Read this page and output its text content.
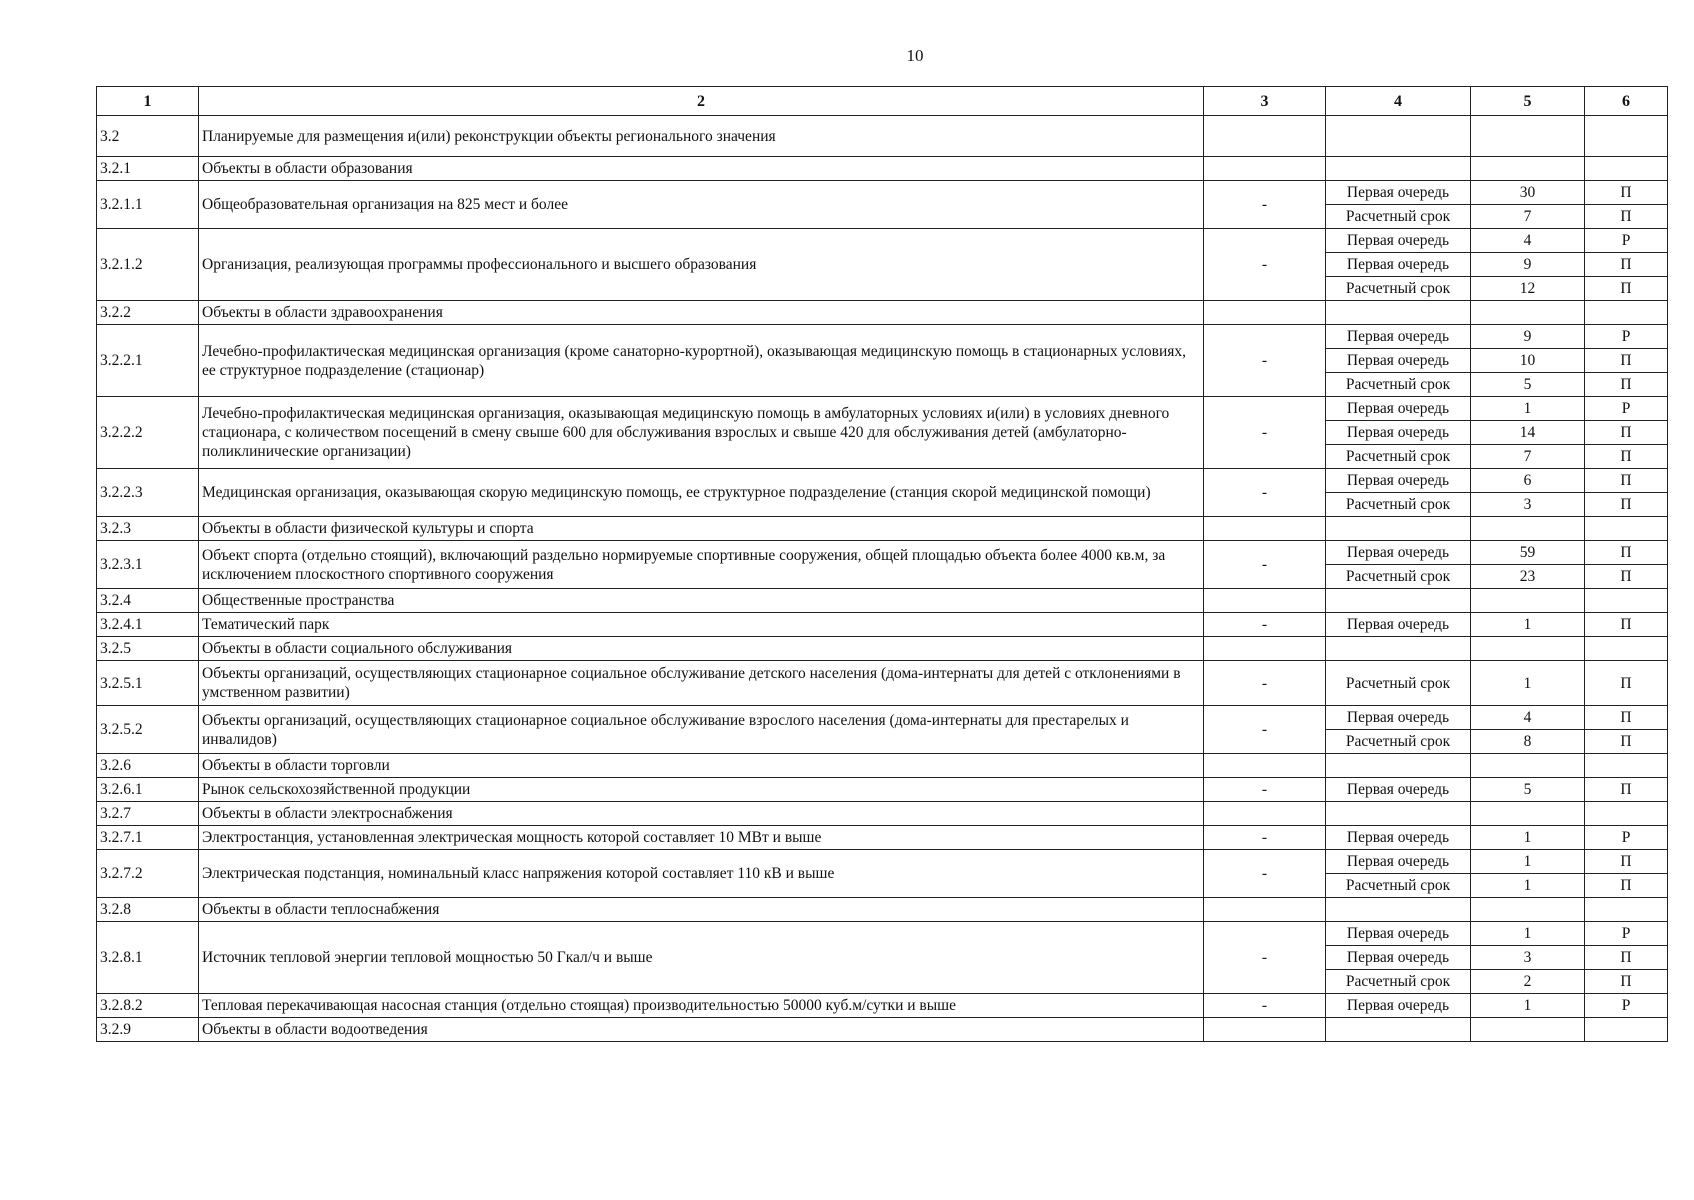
10
1	2	3	4	5	6
3.2	Планируемые для размещения и(или) реконструкции объекты регионального значения				
3.2.1	Объекты в области образования				
3.2.1.1	Общеобразовательная организация на 825 мест и более	-	Первая очередь	30	П
			Расчетный срок	7	П
3.2.1.2	Организация, реализующая программы профессионального и высшего образования	-	Первая очередь	4	Р
			Первая очередь	9	П
			Расчетный срок	12	П
3.2.2	Объекты в области здравоохранения				
3.2.2.1	Лечебно-профилактическая медицинская организация (кроме санаторно-курортной), оказывающая медицинскую помощь в стационарных условиях, ее структурное подразделение (стационар)	-	Первая очередь	9	Р
			Первая очередь	10	П
			Расчетный срок	5	П
3.2.2.2	Лечебно-профилактическая медицинская организация, оказывающая медицинскую помощь в амбулаторных условиях и(или) в условиях дневного стационара, с количеством посещений в смену свыше 600 для обслуживания взрослых и свыше 420 для обслуживания детей (амбулаторно-поликлинические организации)	-	Первая очередь	1	Р
			Первая очередь	14	П
			Расчетный срок	7	П
3.2.2.3	Медицинская организация, оказывающая скорую медицинскую помощь, ее структурное подразделение (станция скорой медицинской помощи)	-	Первая очередь	6	П
			Расчетный срок	3	П
3.2.3	Объекты в области физической культуры и спорта				
3.2.3.1	Объект спорта (отдельно стоящий), включающий раздельно нормируемые спортивные сооружения, общей площадью объекта более 4000 кв.м, за исключением плоскостного спортивного сооружения	-	Первая очередь	59	П
			Расчетный срок	23	П
3.2.4	Общественные пространства				
3.2.4.1	Тематический парк	-	Первая очередь	1	П
3.2.5	Объекты в области социального обслуживания				
3.2.5.1	Объекты организаций, осуществляющих стационарное социальное обслуживание детского населения (дома-интернаты для детей с отклонениями в умственном развитии)	-	Расчетный срок	1	П
3.2.5.2	Объекты организаций, осуществляющих стационарное социальное обслуживание взрослого населения (дома-интернаты для престарелых и инвалидов)	-	Первая очередь	4	П
			Расчетный срок	8	П
3.2.6	Объекты в области торговли				
3.2.6.1	Рынок сельскохозяйственной продукции	-	Первая очередь	5	П
3.2.7	Объекты в области электроснабжения				
3.2.7.1	Электростанция, установленная электрическая мощность которой составляет 10 МВт и выше	-	Первая очередь	1	Р
3.2.7.2	Электрическая подстанция, номинальный класс напряжения которой составляет 110 кВ и выше	-	Первая очередь	1	П
			Расчетный срок	1	П
3.2.8	Объекты в области теплоснабжения				
3.2.8.1	Источник тепловой энергии тепловой мощностью 50 Гкал/ч и выше	-	Первая очередь	1	Р
			Первая очередь	3	П
			Расчетный срок	2	П
3.2.8.2	Тепловая перекачивающая насосная станция (отдельно стоящая) производительностью 50000 куб.м/сутки и выше	-	Первая очередь	1	Р
3.2.9	Объекты в области водоотведения				
